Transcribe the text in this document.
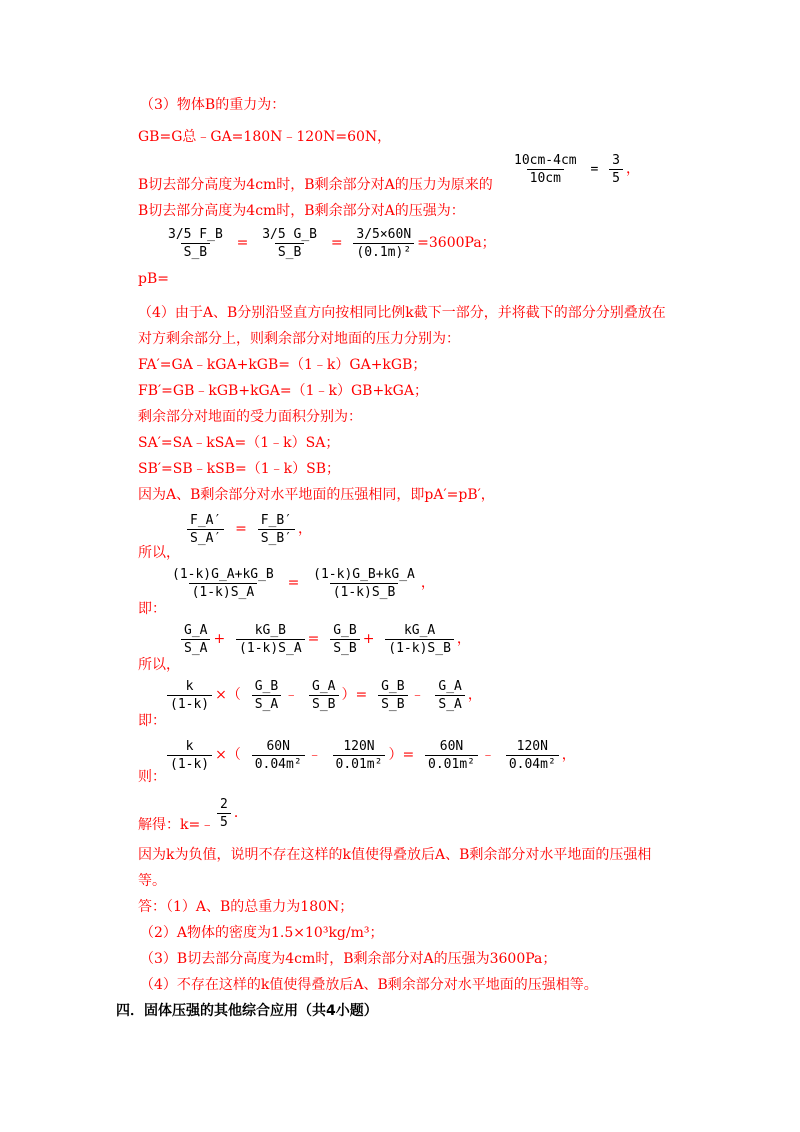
（3）物体B的重力为：
GB=G总﹣GA=180N﹣120N=60N，
B切去部分高度为4cm时，B剩余部分对A的压力为原来的 $\frac{10cm-4cm}{10cm} = \frac{3}{5}$ ，
B切去部分高度为4cm时，B剩余部分对A的压强为：
pB=
$\frac{3/5 F\_B}{S\_B} = \frac{3/5 G\_B}{S\_B} = \frac{3/5\times 60N}{\text{(0.1m)²}} =3600Pa$；
（4）由于A、B分别沿竖直方向按相同比例k截下一部分，并将截下的部分分别叠放在
对方剩余部分上，则剩余部分对地面的压力分别为：
FA′=GA﹣kGA+kGB=（1﹣k）GA+kGB；
FB′=GB﹣kGB+kGA=（1﹣k）GB+kGA；
剩余部分对地面的受力面积分别为：
SA′=SA﹣kSA=（1﹣k）SA；
SB′=SB﹣kSB=（1﹣k）SB；
因为A、B剩余部分对水平地面的压强相同，即pA′=pB′，
所以，
$\frac{F\_A'}{S\_A'} = \frac{F\_B'}{S\_B'}$ ，
即：
$\frac{(1-k)G\_A+kG\_B}{(1-k)S\_A} = \frac{(1-k)G\_B+kG\_A}{(1-k)S\_B}$ ，
所以，
$\frac{G\_A}{S\_A} + \frac{kG\_B}{(1-k)S\_A} = \frac{G\_B}{S\_B} + \frac{kG\_A}{(1-k)S\_B}$ ，
即：
$\frac{k}{(1-k)}$ ×（ $\frac{G\_B}{S\_A}$ ﹣ $\frac{G\_A}{S\_B}$ ）= $\frac{G\_B}{S\_B}$ ﹣ $\frac{G\_A}{S\_A}$ ，
则：
$\frac{k}{(1-k)}$ ×（ $\frac{60N}{\text{0.04m²}}$ ﹣ $\frac{120N}{\text{0.01m²}}$ ）= $\frac{60N}{\text{0.01m²}}$ ﹣ $\frac{120N}{\text{0.04m²}}$ ，
解得：k=﹣ $\frac{2}{5}$ ．
因为k为负值，说明不存在这样的k值使得叠放后A、B剩余部分对水平地面的压强相
等。
答：（1）A、B的总重力为180N；
（2）A物体的密度为1.5×10³kg/m³；
（3）B切去部分高度为4cm时，B剩余部分对A的压强为3600Pa；
（4）不存在这样的k值使得叠放后A、B剩余部分对水平地面的压强相等。
四．固体压强的其他综合应用（共4小题）
